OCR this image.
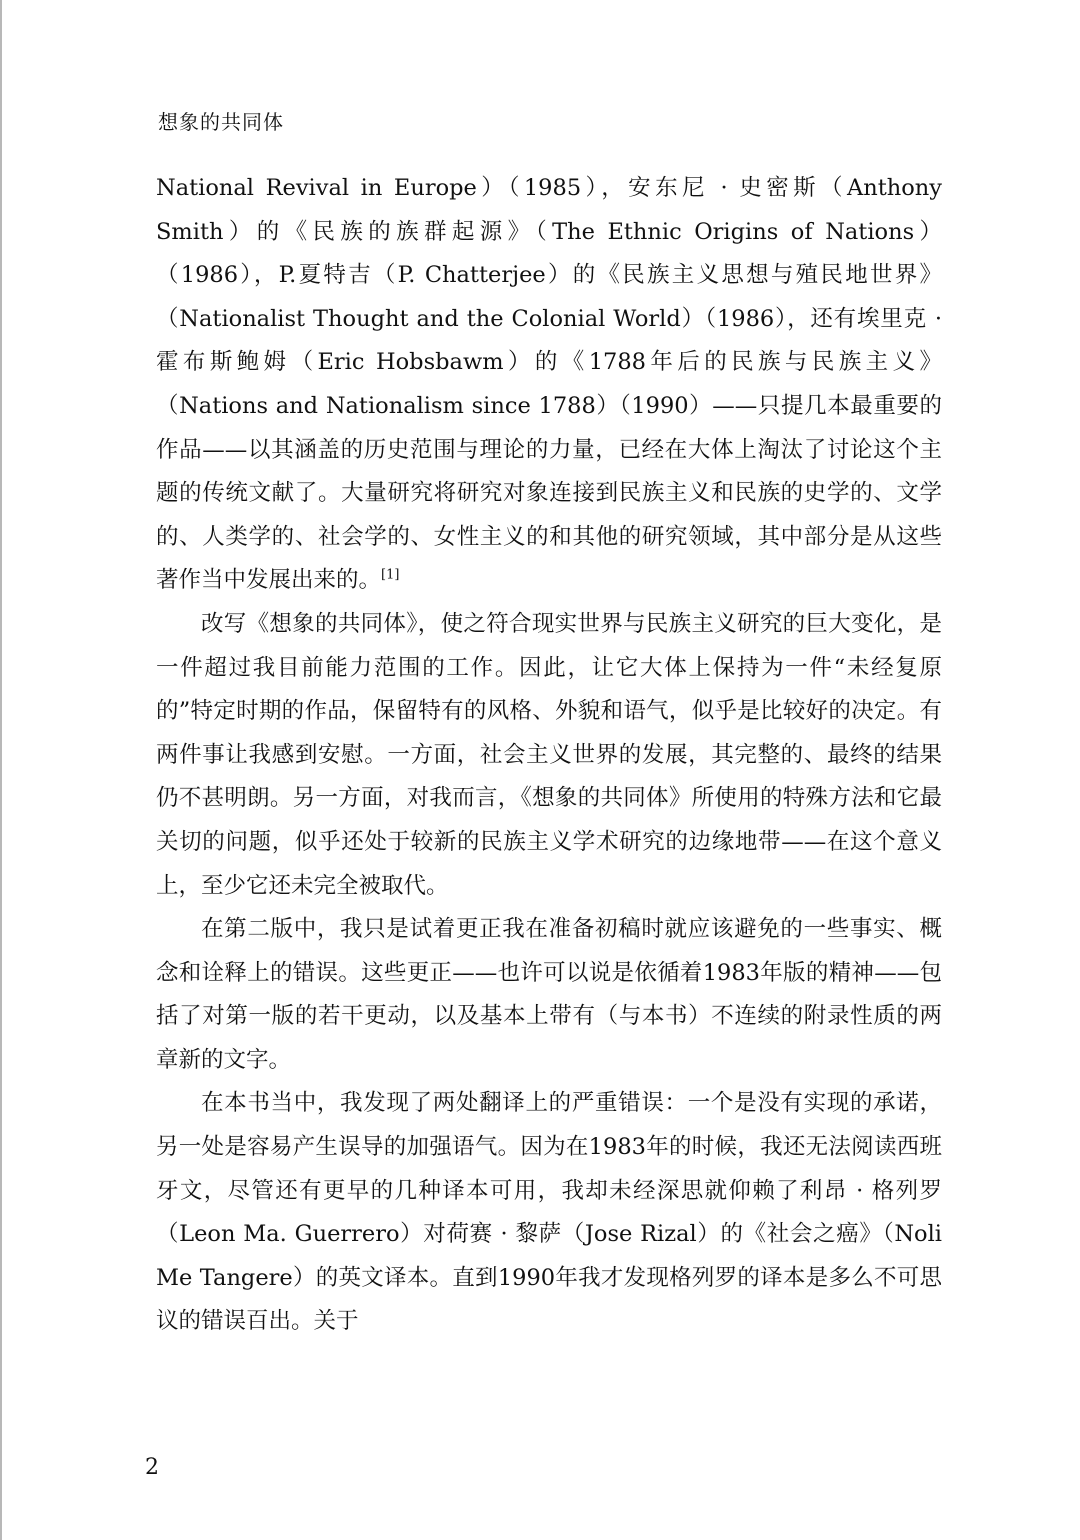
想象的共同体

National Revival in Europe）（1985），安东尼 · 史密斯（Anthony Smith）的《民族的族群起源》（The Ethnic Origins of Nations）（1986），P.夏特吉（P. Chatterjee）的《民族主义思想与殖民地世界》（Nationalist Thought and the Colonial World）（1986），还有埃里克 · 霍布斯鲍姆（Eric Hobsbawm）的《1788年后的民族与民族主义》（Nations and Nationalism since 1788）（1990）——只提几本最重要的作品——以其涵盖的历史范围与理论的力量，已经在大体上淘汰了讨论这个主题的传统文献了。大量研究将研究对象连接到民族主义和民族的史学的、文学的、人类学的、社会学的、女性主义的和其他的研究领域，其中部分是从这些著作当中发展出来的。[1]

改写《想象的共同体》，使之符合现实世界与民族主义研究的巨大变化，是一件超过我目前能力范围的工作。因此，让它大体上保持为一件“未经复原的”特定时期的作品，保留特有的风格、外貌和语气，似乎是比较好的决定。有两件事让我感到安慰。一方面，社会主义世界的发展，其完整的、最终的结果仍不甚明朗。另一方面，对我而言，《想象的共同体》所使用的特殊方法和它最关切的问题，似乎还处于较新的民族主义学术研究的边缘地带——在这个意义上，至少它还未完全被取代。

在第二版中，我只是试着更正我在准备初稿时就应该避免的一些事实、概念和诠释上的错误。这些更正——也许可以说是依循着1983年版的精神——包括了对第一版的若干更动，以及基本上带有（与本书）不连续的附录性质的两章新的文字。

在本书当中，我发现了两处翻译上的严重错误：一个是没有实现的承诺，另一处是容易产生误导的加强语气。因为在1983年的时候，我还无法阅读西班牙文，尽管还有更早的几种译本可用，我却未经深思就仰赖了利昂 · 格列罗（Leon Ma. Guerrero）对荷赛 · 黎萨（Jose Rizal）的《社会之癌》（Noli Me Tangere）的英文译本。直到1990年我才发现格列罗的译本是多么不可思议的错误百出。关于

2
